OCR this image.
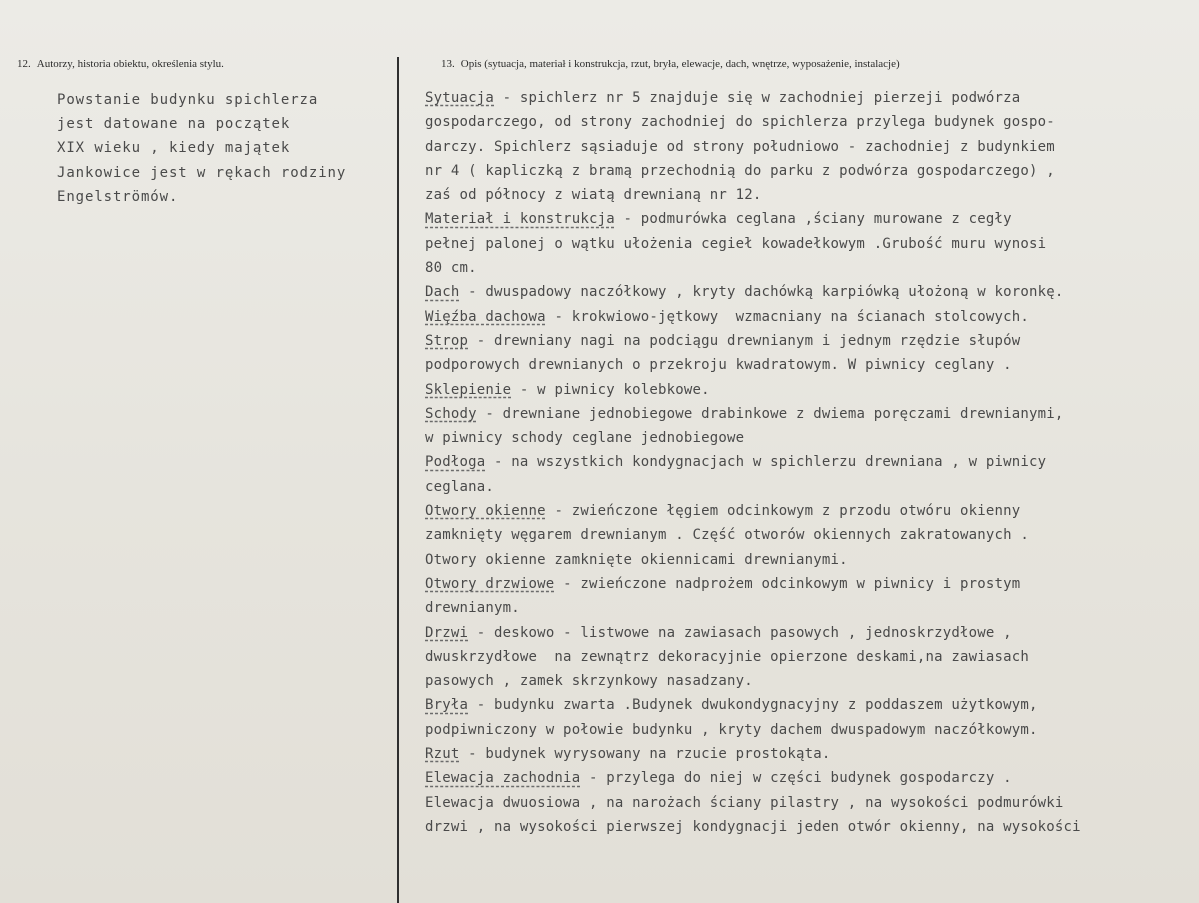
12. Autorzy, historia obiektu, określenia stylu.	13. Opis (sytuacja, materiał i konstrukcja, rzut, bryła, elewacje, dach, wnętrze, wyposażenie, instalacje)
Powstanie budynku spichlerza
jest datowane na początek
XIX wieku , kiedy majątek
Jankowice jest w rękach rodziny
Engelströmów.
Sytuacja - spichlerz nr 5 znajduje się w zachodniej pierzeji podwórza
gospodarczego, od strony zachodniej do spichlerza przylega budynek gospo-
darczy. Spichlerz sąsiaduje od strony południowo - zachodniej z budynkiem
nr 4 ( kapliczką z bramą przechodnią do parku z podwórza gospodarczego) ,
zaś od północy z wiatą drewnianą nr 12.
Materiał i konstrukcja - podmurówka ceglana ,ściany murowane z cegły
pełnej palonej o wątku ułożenia cegieł kowadełkowym .Grubość muru wynosi
80 cm.
Dach - dwuspadowy naczółkowy , kryty dachówką karpiówką ułożoną w koronkę.
Więźba dachowa - krokwiowo-jętkowy  wzmacniany na ścianach stolcowych.
Strop - drewniany nagi na podciągu drewnianym i jednym rzędzie słupów
podporowych drewnianych o przekroju kwadratowym. W piwnicy ceglany .
Sklepienie - w piwnicy kolebkowe.
Schody - drewniane jednobiegowe drabinkowe z dwiema poręczami drewnianymi,
w piwnicy schody ceglane jednobiegowe
Podłoga - na wszystkich kondygnacjach w spichlerzu drewniana , w piwnicy
ceglana.
Otwory okienne - zwieńczone łęgiem odcinkowym z przodu otwóru okienny
zamknięty węgarem drewnianym . Część otworów okiennych zakratowanych .
Otwory okienne zamknięte okiennicami drewnianymi.
Otwory drzwiowe - zwieńczone nadprożem odcinkowym w piwnicy i prostym
drewnianym.
Drzwi - deskowo - listwowe na zawiasach pasowych , jednoskrzydłowe ,
dwuskrzydłowe  na zewnątrz dekoracyjnie opierzone deskami,na zawiasach
pasowych , zamek skrzynkowy nasadzany.
Bryła - budynku zwarta .Budynek dwukondygnacyjny z poddaszem użytkowym,
podpiwniczony w połowie budynku , kryty dachem dwuspadowym naczółkowym.
Rzut - budynek wyrysowany na rzucie prostokąta.
Elewacja zachodnia - przylega do niej w części budynek gospodarczy .
Elewacja dwuosiowa , na narożach ściany pilastry , na wysokości podmurówki
drzwi , na wysokości pierwszej kondygnacji jeden otwór okienny, na wysokości
